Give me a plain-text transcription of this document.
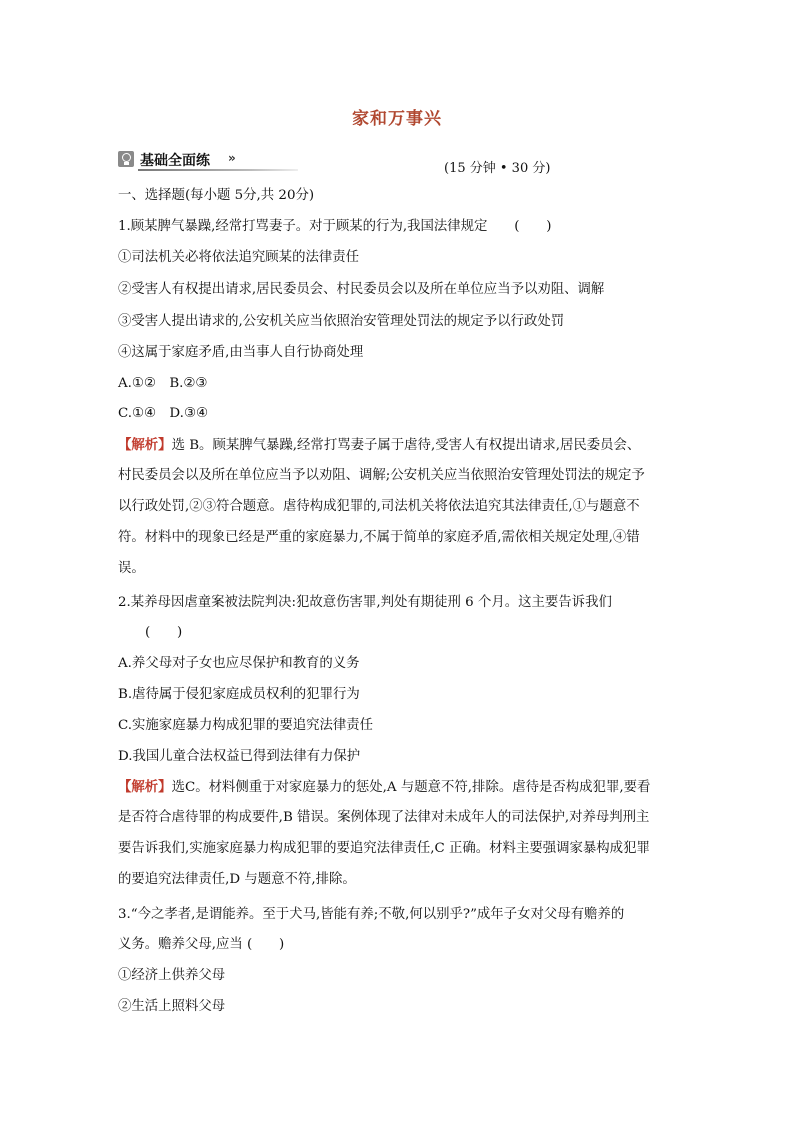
家和万事兴
基础全面练 »
(15 分钟 • 30 分)
一、选择题(每小题 5分,共 20分)
1.顾某脾气暴躁,经常打骂妻子。对于顾某的行为,我国法律规定　　(　　)
①司法机关必将依法追究顾某的法律责任
②受害人有权提出请求,居民委员会、村民委员会以及所在单位应当予以劝阻、调解
③受害人提出请求的,公安机关应当依照治安管理处罚法的规定予以行政处罚
④这属于家庭矛盾,由当事人自行协商处理
A.①②　B.②③
C.①④　D.③④
【解析】选 B。顾某脾气暴躁,经常打骂妻子属于虐待,受害人有权提出请求,居民委员会、
村民委员会以及所在单位应当予以劝阻、调解;公安机关应当依照治安管理处罚法的规定予
以行政处罚,②③符合题意。虐待构成犯罪的,司法机关将依法追究其法律责任,①与题意不
符。材料中的现象已经是严重的家庭暴力,不属于简单的家庭矛盾,需依相关规定处理,④错
误。
2.某养母因虐童案被法院判决:犯故意伤害罪,判处有期徒刑 6 个月。这主要告诉我们
(　　)
A.养父母对子女也应尽保护和教育的义务
B.虐待属于侵犯家庭成员权利的犯罪行为
C.实施家庭暴力构成犯罪的要追究法律责任
D.我国儿童合法权益已得到法律有力保护
【解析】选C。材料侧重于对家庭暴力的惩处,A 与题意不符,排除。虐待是否构成犯罪,要看
是否符合虐待罪的构成要件,B 错误。案例体现了法律对未成年人的司法保护,对养母判刑主
要告诉我们,实施家庭暴力构成犯罪的要追究法律责任,C 正确。材料主要强调家暴构成犯罪
的要追究法律责任,D 与题意不符,排除。
3.“今之孝者,是谓能养。至于犬马,皆能有养;不敬,何以别乎?”成年子女对父母有赡养的
义务。赡养父母,应当 (　　)
①经济上供养父母
②生活上照料父母
